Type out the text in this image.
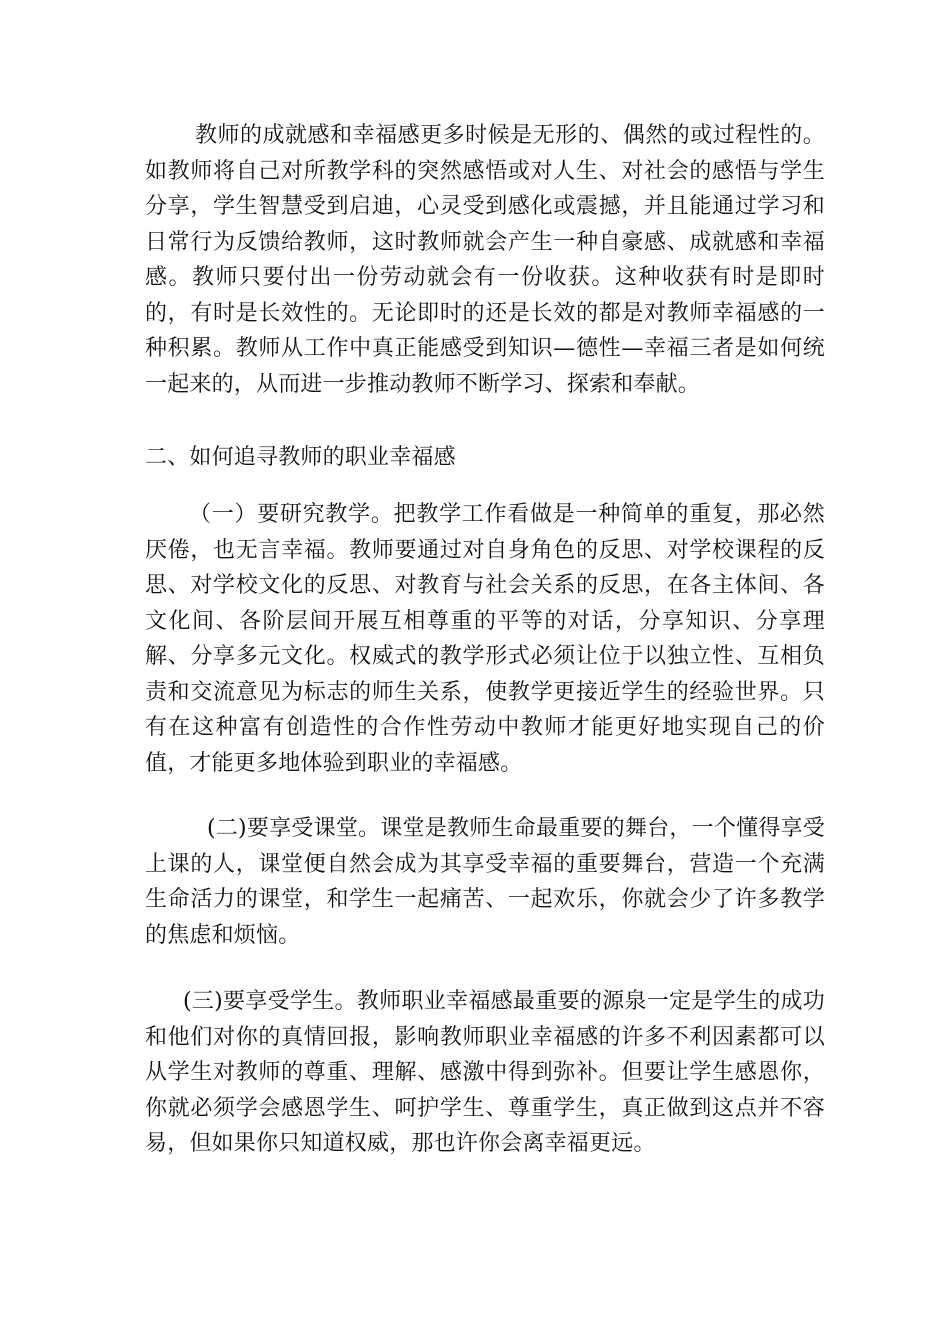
教师的成就感和幸福感更多时候是无形的、偶然的或过程性的。如教师将自己对所教学科的突然感悟或对人生、对社会的感悟与学生分享，学生智慧受到启迪，心灵受到感化或震撼，并且能通过学习和日常行为反馈给教师，这时教师就会产生一种自豪感、成就感和幸福感。教师只要付出一份劳动就会有一份收获。这种收获有时是即时的，有时是长效性的。无论即时的还是长效的都是对教师幸福感的一种积累。教师从工作中真正能感受到知识—德性—幸福三者是如何统一起来的，从而进一步推动教师不断学习、探索和奉献。

二、如何追寻教师的职业幸福感

（一）要研究教学。把教学工作看做是一种简单的重复，那必然厌倦，也无言幸福。教师要通过对自身角色的反思、对学校课程的反思、对学校文化的反思、对教育与社会关系的反思，在各主体间、各文化间、各阶层间开展互相尊重的平等的对话，分享知识、分享理解、分享多元文化。权威式的教学形式必须让位于以独立性、互相负责和交流意见为标志的师生关系，使教学更接近学生的经验世界。只有在这种富有创造性的合作性劳动中教师才能更好地实现自己的价值，才能更多地体验到职业的幸福感。

(二)要享受课堂。课堂是教师生命最重要的舞台，一个懂得享受上课的人，课堂便自然会成为其享受幸福的重要舞台，营造一个充满生命活力的课堂，和学生一起痛苦、一起欢乐，你就会少了许多教学的焦虑和烦恼。

(三)要享受学生。教师职业幸福感最重要的源泉一定是学生的成功和他们对你的真情回报，影响教师职业幸福感的许多不利因素都可以从学生对教师的尊重、理解、感激中得到弥补。但要让学生感恩你，你就必须学会感恩学生、呵护学生、尊重学生，真正做到这点并不容易，但如果你只知道权威，那也许你会离幸福更远。
